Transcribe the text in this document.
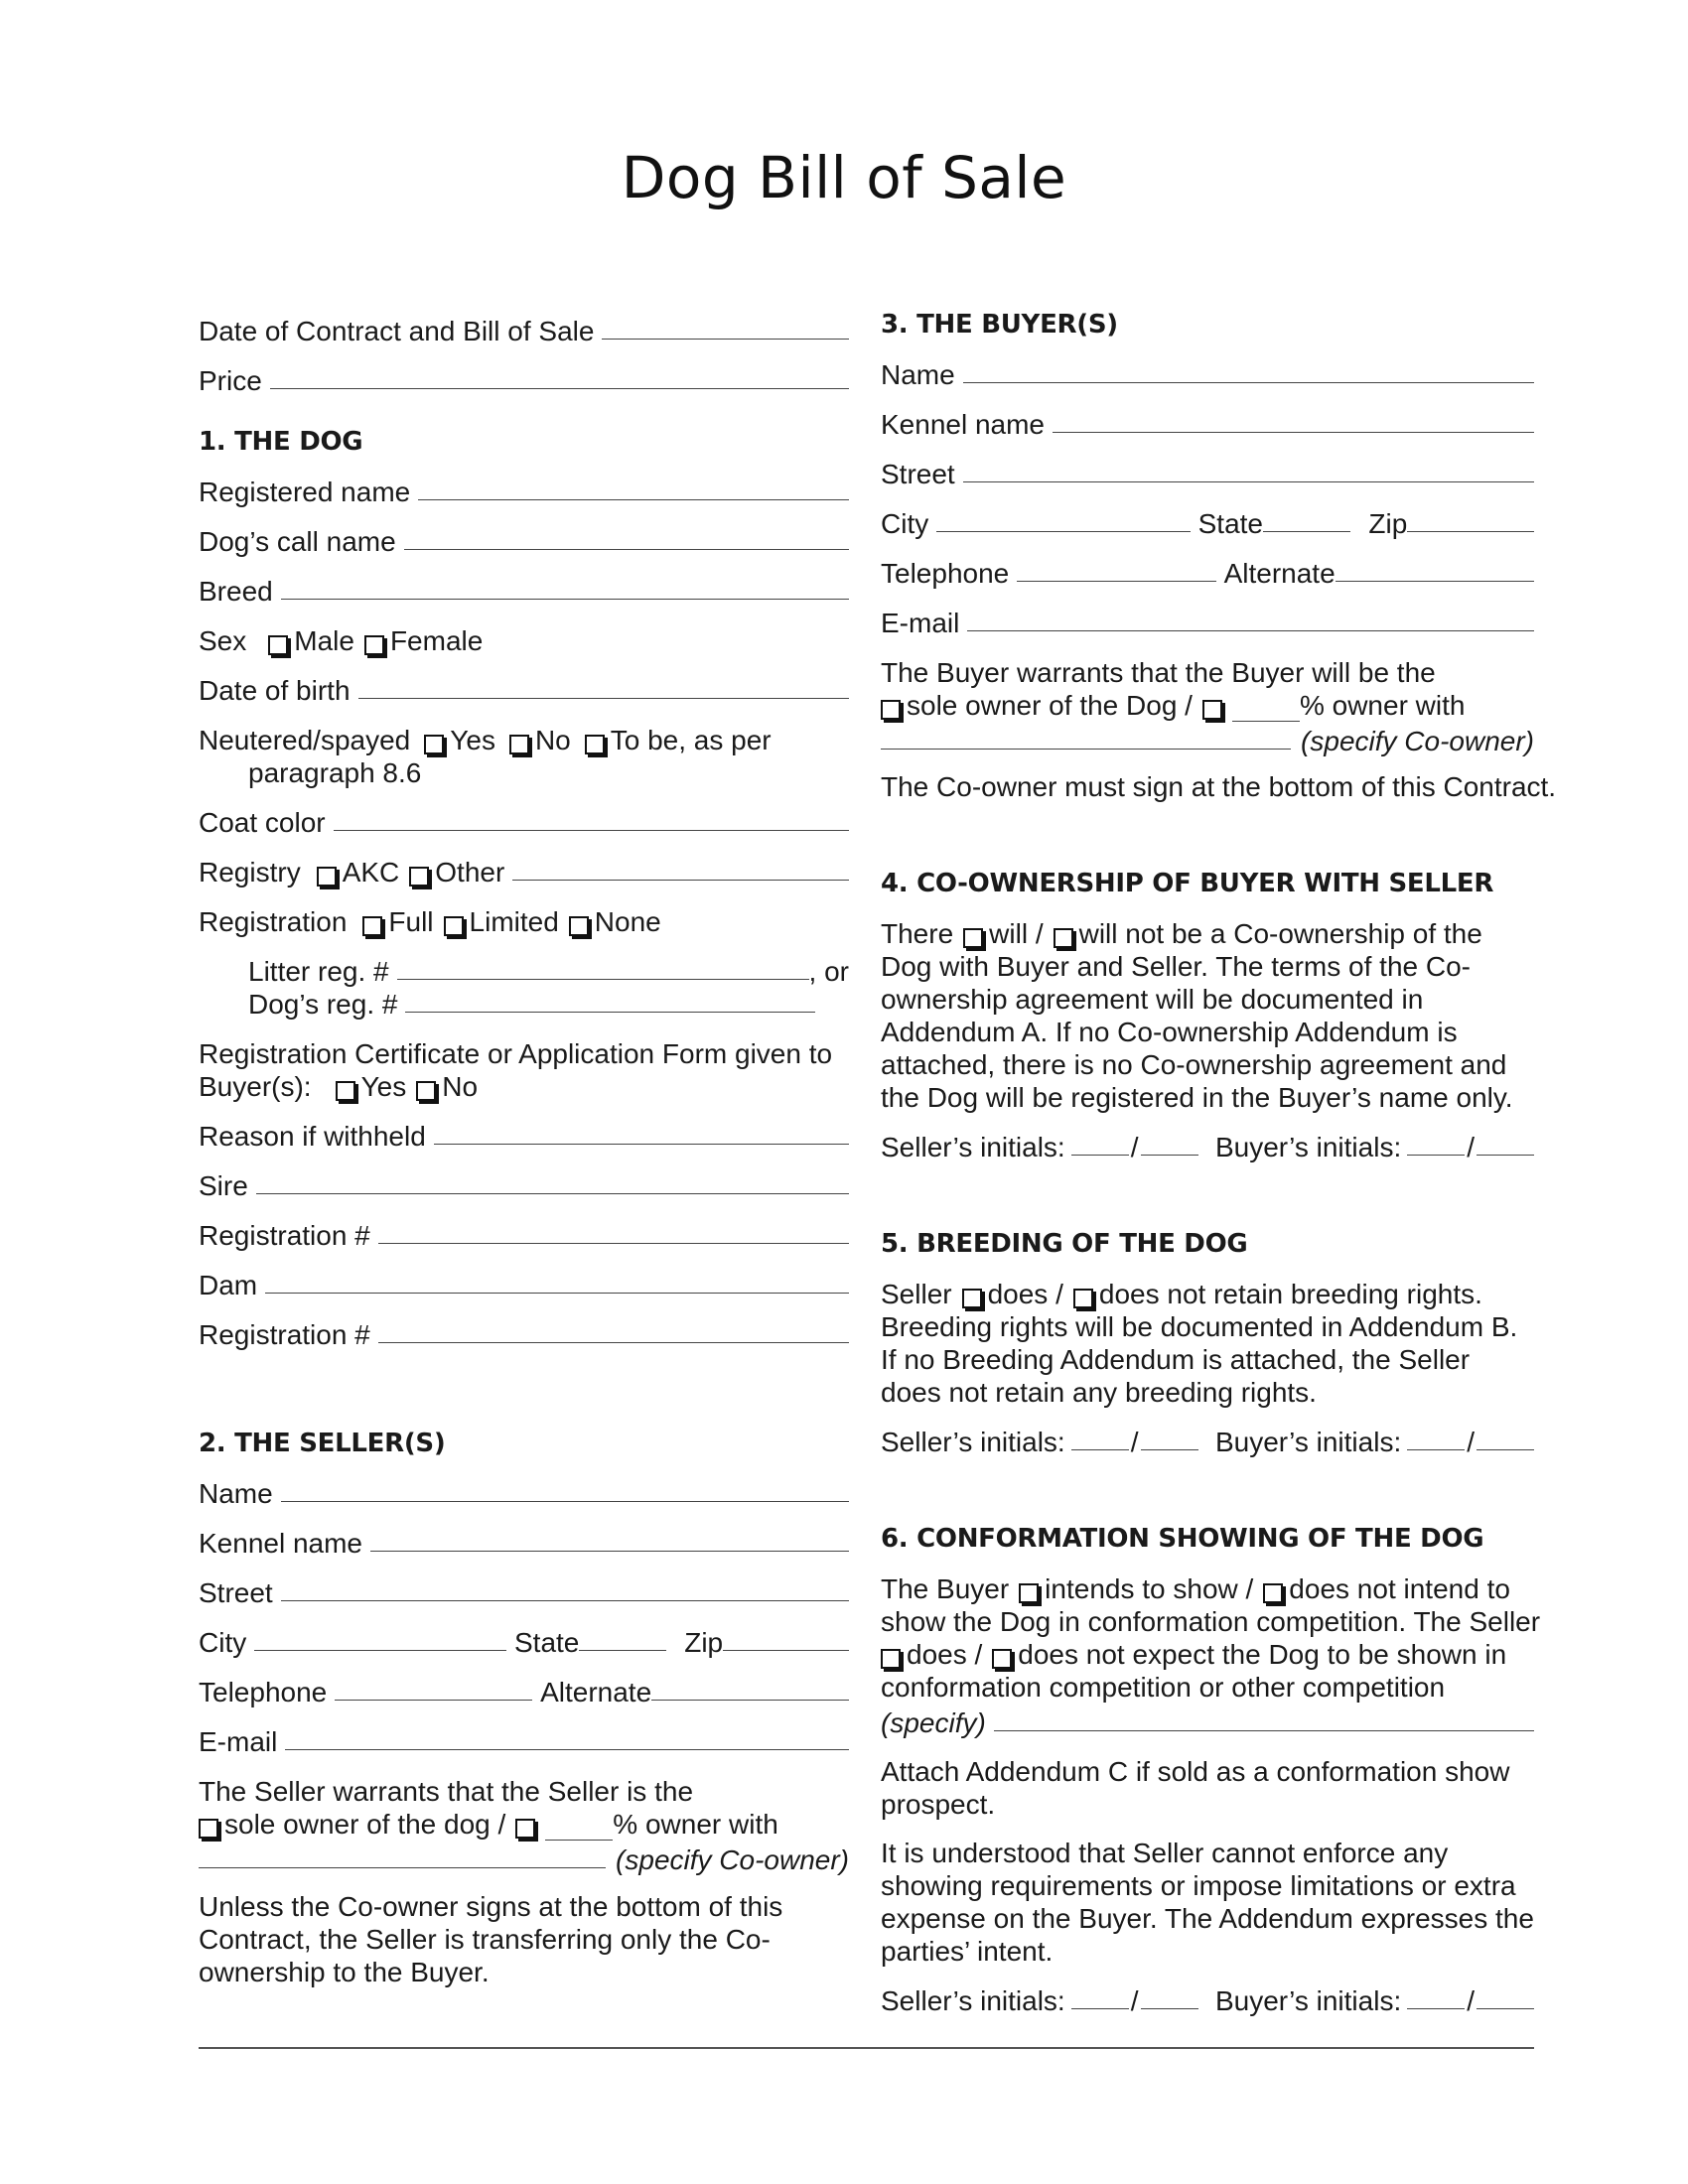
Dog Bill of Sale
Date of Contract and Bill of Sale
Price
1. THE DOG
Registered name
Dog’s call name
Breed
Sex Male Female
Date of birth
Neutered/spayed Yes No To be, as per
paragraph 8.6
Coat color
Registry AKC Other
Registration Full Limited None
Litter reg. #	, or
Dog’s reg. #
Registration Certificate or Application Form given to
Buyer(s): Yes No
Reason if withheld
Sire
Registration #
Dam
Registration #
2. THE SELLER(S)
Name
Kennel name
Street
City	State	Zip
Telephone	Alternate
E-mail
The Seller warrants that the Seller is the
sole owner of the dog /	% owner with
(specify Co-owner)
Unless the Co-owner signs at the bottom of this Contract, the Seller is transferring only the Co-ownership to the Buyer.
3. THE BUYER(S)
Name
Kennel name
Street
City	State	Zip
Telephone	Alternate
E-mail
The Buyer warrants that the Buyer will be the
sole owner of the Dog /	% owner with
(specify Co-owner)
The Co-owner must sign at the bottom of this Contract.
4. CO-OWNERSHIP OF BUYER WITH SELLER
There will / will not be a Co-ownership of the
Dog with Buyer and Seller. The terms of the Co-ownership agreement will be documented in Addendum A. If no Co-ownership Addendum is attached, there is no Co-ownership agreement and the Dog will be registered in the Buyer’s name only.
Seller’s initials: /	Buyer’s initials: /
5. BREEDING OF THE DOG
Seller does / does not retain breeding rights.
Breeding rights will be documented in Addendum B. If no Breeding Addendum is attached, the Seller does not retain any breeding rights.
Seller’s initials: /	Buyer’s initials: /
6. CONFORMATION SHOWING OF THE DOG
The Buyer intends to show / does not intend to
show the Dog in conformation competition. The Seller
does / does not expect the Dog to be shown in
conformation competition or other competition
(specify)
Attach Addendum C if sold as a conformation show prospect.
It is understood that Seller cannot enforce any showing requirements or impose limitations or extra expense on the Buyer. The Addendum expresses the parties’ intent.
Seller’s initials: /	Buyer’s initials: /
